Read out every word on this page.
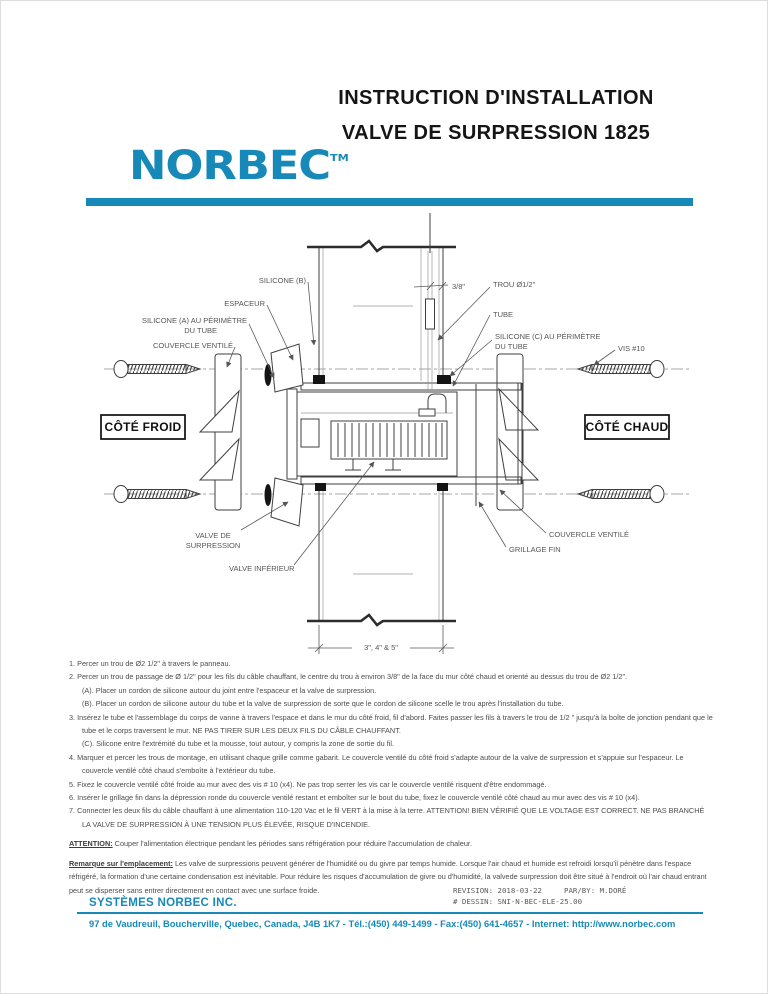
INSTRUCTION D'INSTALLATION
VALVE DE SURPRESSION 1825
NORBEC™
3/8"
3", 4" & 5"
SILICONE (B)
ESPACEUR
SILICONE (A) AU PÉRIMÈTRE
DU TUBE
COUVERCLE VENTILÉ
TROU Ø1/2"
TUBE
SILICONE (C) AU PÉRIMÈTRE
DU TUBE	VIS #10
VALVE DE
SURPRESSION
VALVE INFÉRIEUR
COUVERCLE VENTILÉ
GRILLAGE FIN
CÔTÉ FROID	CÔTÉ CHAUD
1. Percer un trou de Ø2 1/2" à travers le panneau.
2. Percer un trou de passage de Ø 1/2" pour les fils du câble chauffant, le centre du trou à environ 3/8" de la face du mur côté chaud et orienté au dessus du trou de Ø2 1/2".
(A). Placer un cordon de silicone autour du joint entre l'espaceur et la valve de surpression.
(B). Placer un cordon de silicone autour du tube et la valve de surpression de sorte que le cordon de silicone scelle le trou après l'installation du tube.
3. Insérez le tube et l'assemblage du corps de vanne à travers l'espace et dans le mur du côté froid, fil d'abord. Faites passer les fils à travers le trou de 1/2 " jusqu'à la boîte de jonction pendant que le tube et le corps traversent le mur. NE PAS TIRER SUR LES DEUX FILS DU CÂBLE CHAUFFANT.
(C). Silicone entre l'extrémité du tube et la mousse, tout autour, y compris la zone de sortie du fil.
4. Marquer et percer les trous de montage, en utilisant chaque grille comme gabarit. Le couvercle ventilé du côté froid s'adapte autour de la valve de surpression et s'appuie sur l'espaceur. Le couvercle ventilé côté chaud s'emboîte à l'extérieur du tube.
5. Fixez le couvercle ventilé côté froide au mur avec des vis # 10 (x4). Ne pas trop serrer les vis car le couvercle ventilé risquent d'être endommagé.
6. Insérer le grillage fin dans la dépression ronde du couvercle ventilé restant et emboîter sur le bout du tube, fixez le couvercle ventilé côté chaud au mur avec des vis # 10 (x4).
7. Connecter les deux fils du câble chauffant à une alimentation 110-120 Vac et le fil VERT à la mise à la terre. ATTENTION! BIEN VÉRIFIÉ QUE LE VOLTAGE EST CORRECT. NE PAS BRANCHÉ LA VALVE DE SURPRESSION À UNE TENSION PLUS ÉLEVÉE, RISQUE D'INCENDIE.
ATTENTION: Couper l'alimentation électrique pendant les périodes sans réfrigération pour réduire l'accumulation de chaleur.
Remarque sur l'emplacement: Les valve de surpressions peuvent générer de l'humidité ou du givre par temps humide. Lorsque l'air chaud et humide est refroidi lorsqu'il pénètre dans l'espace réfrigéré, la formation d'une certaine condensation est inévitable. Pour réduire les risques d'accumulation de givre ou d'humidité, la valvede surpression doit être situé à l'endroit où l'air chaud entrant peut se disperser sans entrer directement en contact avec une surface froide.	REVISION: 2018-03-22	PAR/BY: M.DORÉ
# DESSIN: SNI-N-BEC-ELE-25.00
SYSTÈMES NORBEC INC.
97 de Vaudreuil, Boucherville, Quebec, Canada, J4B 1K7 - Tél.:(450) 449-1499 - Fax:(450) 641-4657 - Internet: http://www.norbec.com
